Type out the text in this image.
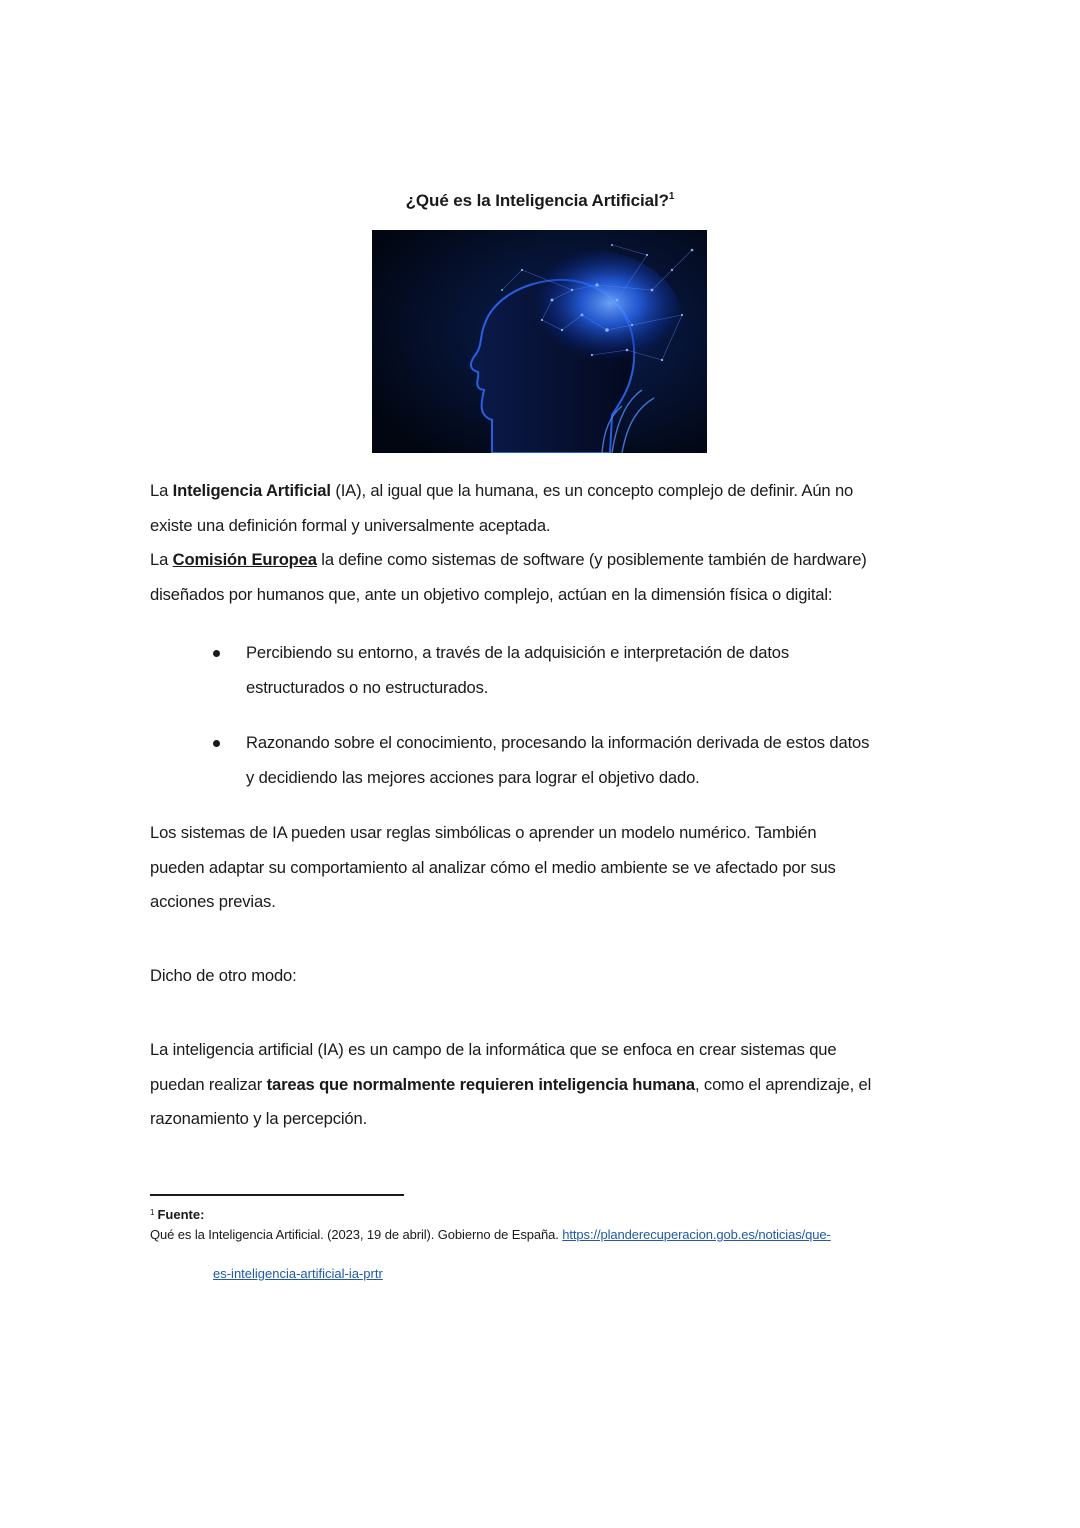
¿Qué es la Inteligencia Artificial?$^1$
La Inteligencia Artificial (IA), al igual que la humana, es un concepto complejo de definir. Aún no
existe una definición formal y universalmente aceptada.
La Comisión Europea la define como sistemas de software (y posiblemente también de hardware)
diseñados por humanos que, ante un objetivo complejo, actúan en la dimensión física o digital:
Percibiendo su entorno, a través de la adquisición e interpretación de datos
estructurados o no estructurados.
Razonando sobre el conocimiento, procesando la información derivada de estos datos
y decidiendo las mejores acciones para lograr el objetivo dado.
Los sistemas de IA pueden usar reglas simbólicas o aprender un modelo numérico. También
pueden adaptar su comportamiento al analizar cómo el medio ambiente se ve afectado por sus
acciones previas.
Dicho de otro modo:
La inteligencia artificial (IA) es un campo de la informática que se enfoca en crear sistemas que
puedan realizar tareas que normalmente requieren inteligencia humana, como el aprendizaje, el
razonamiento y la percepción.
$^1$ Fuente:
Qué es la Inteligencia Artificial. (2023, 19 de abril). Gobierno de España. https://planderecuperacion.gob.es/noticias/que-
es-inteligencia-artificial-ia-prtr
